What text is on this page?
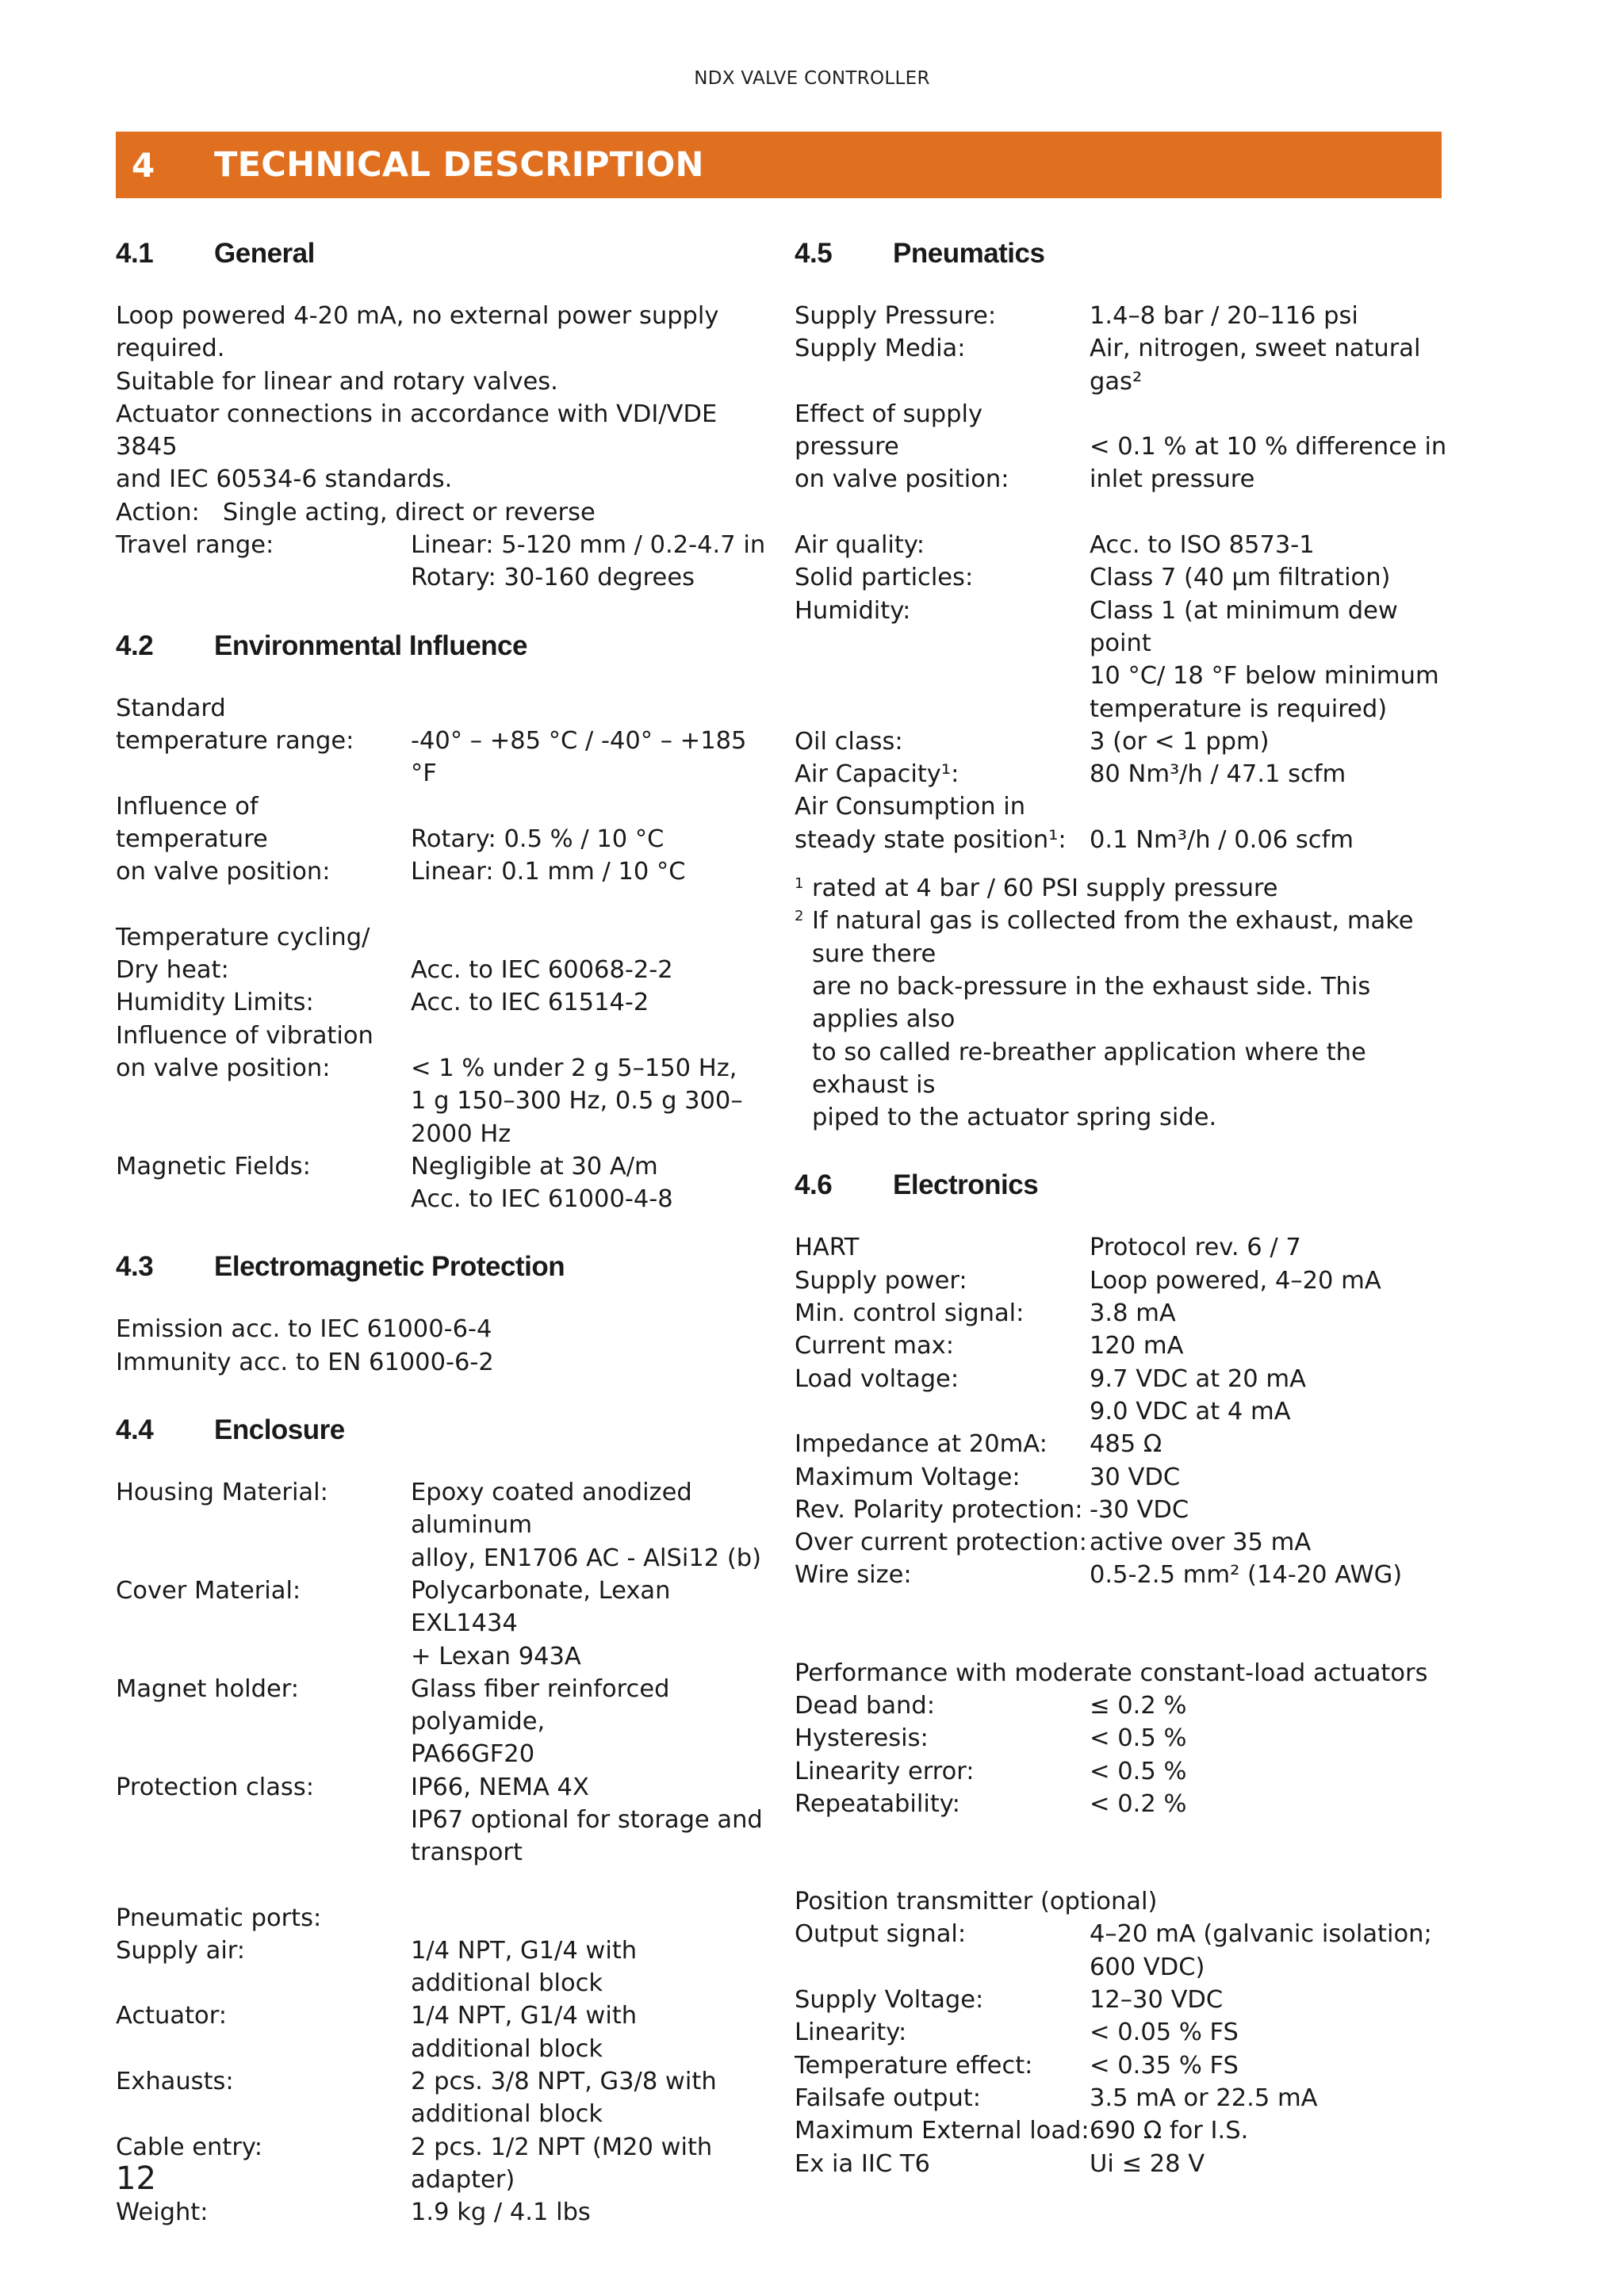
NDX VALVE CONTROLLER
4	TECHNICAL DESCRIPTION
4.1	General
Loop powered 4-20 mA, no external power supply required.
Suitable for linear and rotary valves.
Actuator connections in accordance with VDI/VDE 3845
and IEC 60534-6 standards.
Action:   Single acting, direct or reverse
Travel range:	Linear: 5-120 mm / 0.2-4.7 in
Rotary: 30-160 degrees
4.2	Environmental Influence
Standard
temperature range:
	-40° – +85 °C / -40° – +185 °F
Influence of temperature
on valve position:

Rotary: 0.5 % / 10 °C
Linear: 0.1 mm / 10 °C
Temperature cycling/
Dry heat:
	Acc. to IEC 60068-2-2
Humidity Limits:	Acc. to IEC 61514-2
Influence of vibration
on valve position:

	< 1 % under 2 g 5–150 Hz,
1 g 150–300 Hz, 0.5 g 300–
2000 Hz
Magnetic Fields:
	Negligible at 30 A/m
Acc. to IEC 61000-4-8
4.3	Electromagnetic Protection
Emission acc. to IEC 61000-6-4
Immunity acc. to EN 61000-6-2
4.4	Enclosure
Housing Material:
	Epoxy coated anodized aluminum
alloy, EN1706 AC - AlSi12 (b)
Cover Material:
	Polycarbonate, Lexan EXL1434
+ Lexan 943A
Magnet holder:
	Glass fiber reinforced polyamide,
PA66GF20
Protection class:

	IP66, NEMA 4X
IP67 optional for storage and
transport
Pneumatic ports:
Supply air:
	1/4 NPT, G1/4 with
additional block
Actuator:
	1/4 NPT, G1/4 with
additional block
Exhausts:
	2 pcs. 3/8 NPT, G3/8 with
additional block
Cable entry:	2 pcs. 1/2 NPT (M20 with adapter)
Weight:	1.9 kg / 4.1 lbs
4.5	Pneumatics
Supply Pressure:	1.4–8 bar / 20–116 psi
Supply Media:	Air, nitrogen, sweet natural gas²
Effect of supply pressure
on valve position:

< 0.1 % at 10 % difference in
inlet pressure
Air quality:	Acc. to ISO 8573-1
Solid particles:	Class 7 (40 μm filtration)
Humidity:

	Class 1 (at minimum dew point
10 °C/ 18 °F below minimum
temperature is required)
Oil class:	3 (or < 1 ppm)
Air Capacity¹:	80 Nm³/h / 47.1 scfm
Air Consumption in
steady state position¹:
0.1 Nm³/h / 0.06 scfm
1 rated at 4 bar / 60 PSI supply pressure
2 If natural gas is collected from the exhaust, make sure there
are no back-pressure in the exhaust side. This applies also
to so called re-breather application where the exhaust is
piped to the actuator spring side.
4.6	Electronics
HART	Protocol rev. 6 / 7
Supply power:	Loop powered, 4–20 mA
Min. control signal:	3.8 mA
Current max:	120 mA
Load voltage:
	9.7 VDC at 20 mA
9.0 VDC at 4 mA
Impedance at 20mA:	485 Ω
Maximum Voltage:	30 VDC
Rev. Polarity protection: -30 VDC
Over current protection: active over 35 mA
Wire size:	0.5-2.5 mm² (14-20 AWG)
Performance with moderate constant-load actuators
Dead band:	≤ 0.2 %
Hysteresis:	< 0.5 %
Linearity error:	< 0.5 %
Repeatability:	< 0.2 %
Position transmitter (optional)
Output signal:
	4–20 mA (galvanic isolation;
600 VDC)
Supply Voltage:	12–30 VDC
Linearity:	< 0.05 % FS
Temperature effect:	< 0.35 % FS
Failsafe output:	3.5 mA or 22.5 mA
Maximum External load: 690 Ω for I.S.
Ex ia IIC T6	Ui ≤ 28 V
12
